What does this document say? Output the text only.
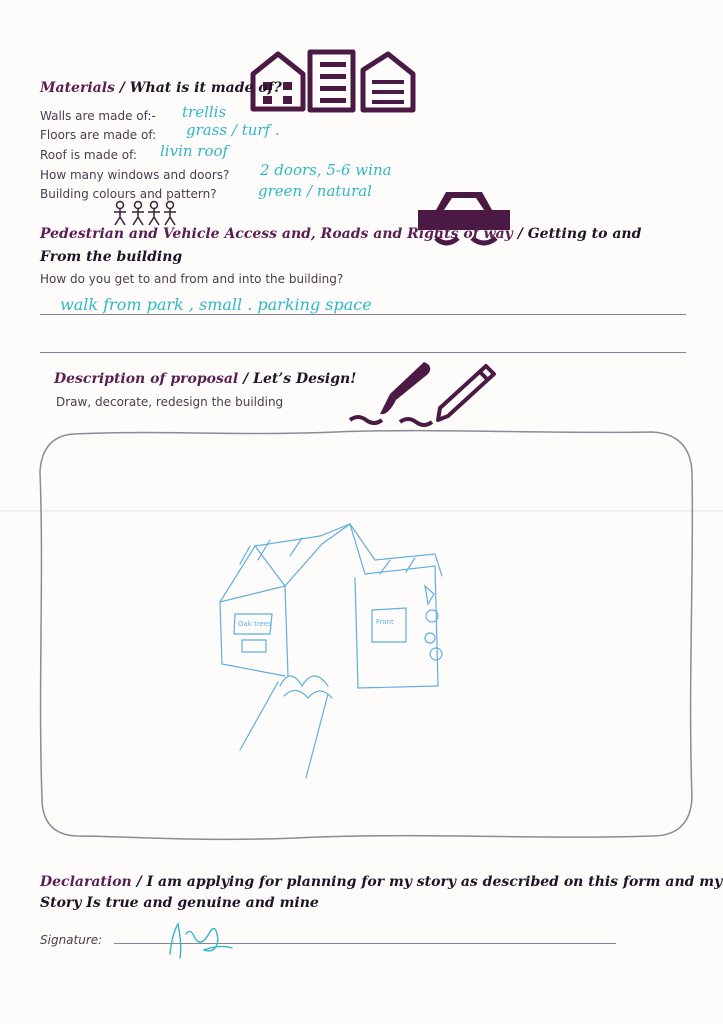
Materials / What is it made of?
Walls are made of:- trellis
Floors are made of: grass / turf .
Roof is made of: livin roof
How many windows and doors? 2 doors, 5-6 wina
Building colours and pattern?	green / natural
Pedestrian and Vehicle Access and, Roads and Rights of way / Getting to and
From the building
How do you get to and from and into the building?
walk from park , small . parking space
Description of proposal / Let’s Design!
Draw, decorate, redesign the building
Oak trees	Front
Declaration / I am applying for planning for my story as described on this form and my
Story Is true and genuine and mine
Signature:
